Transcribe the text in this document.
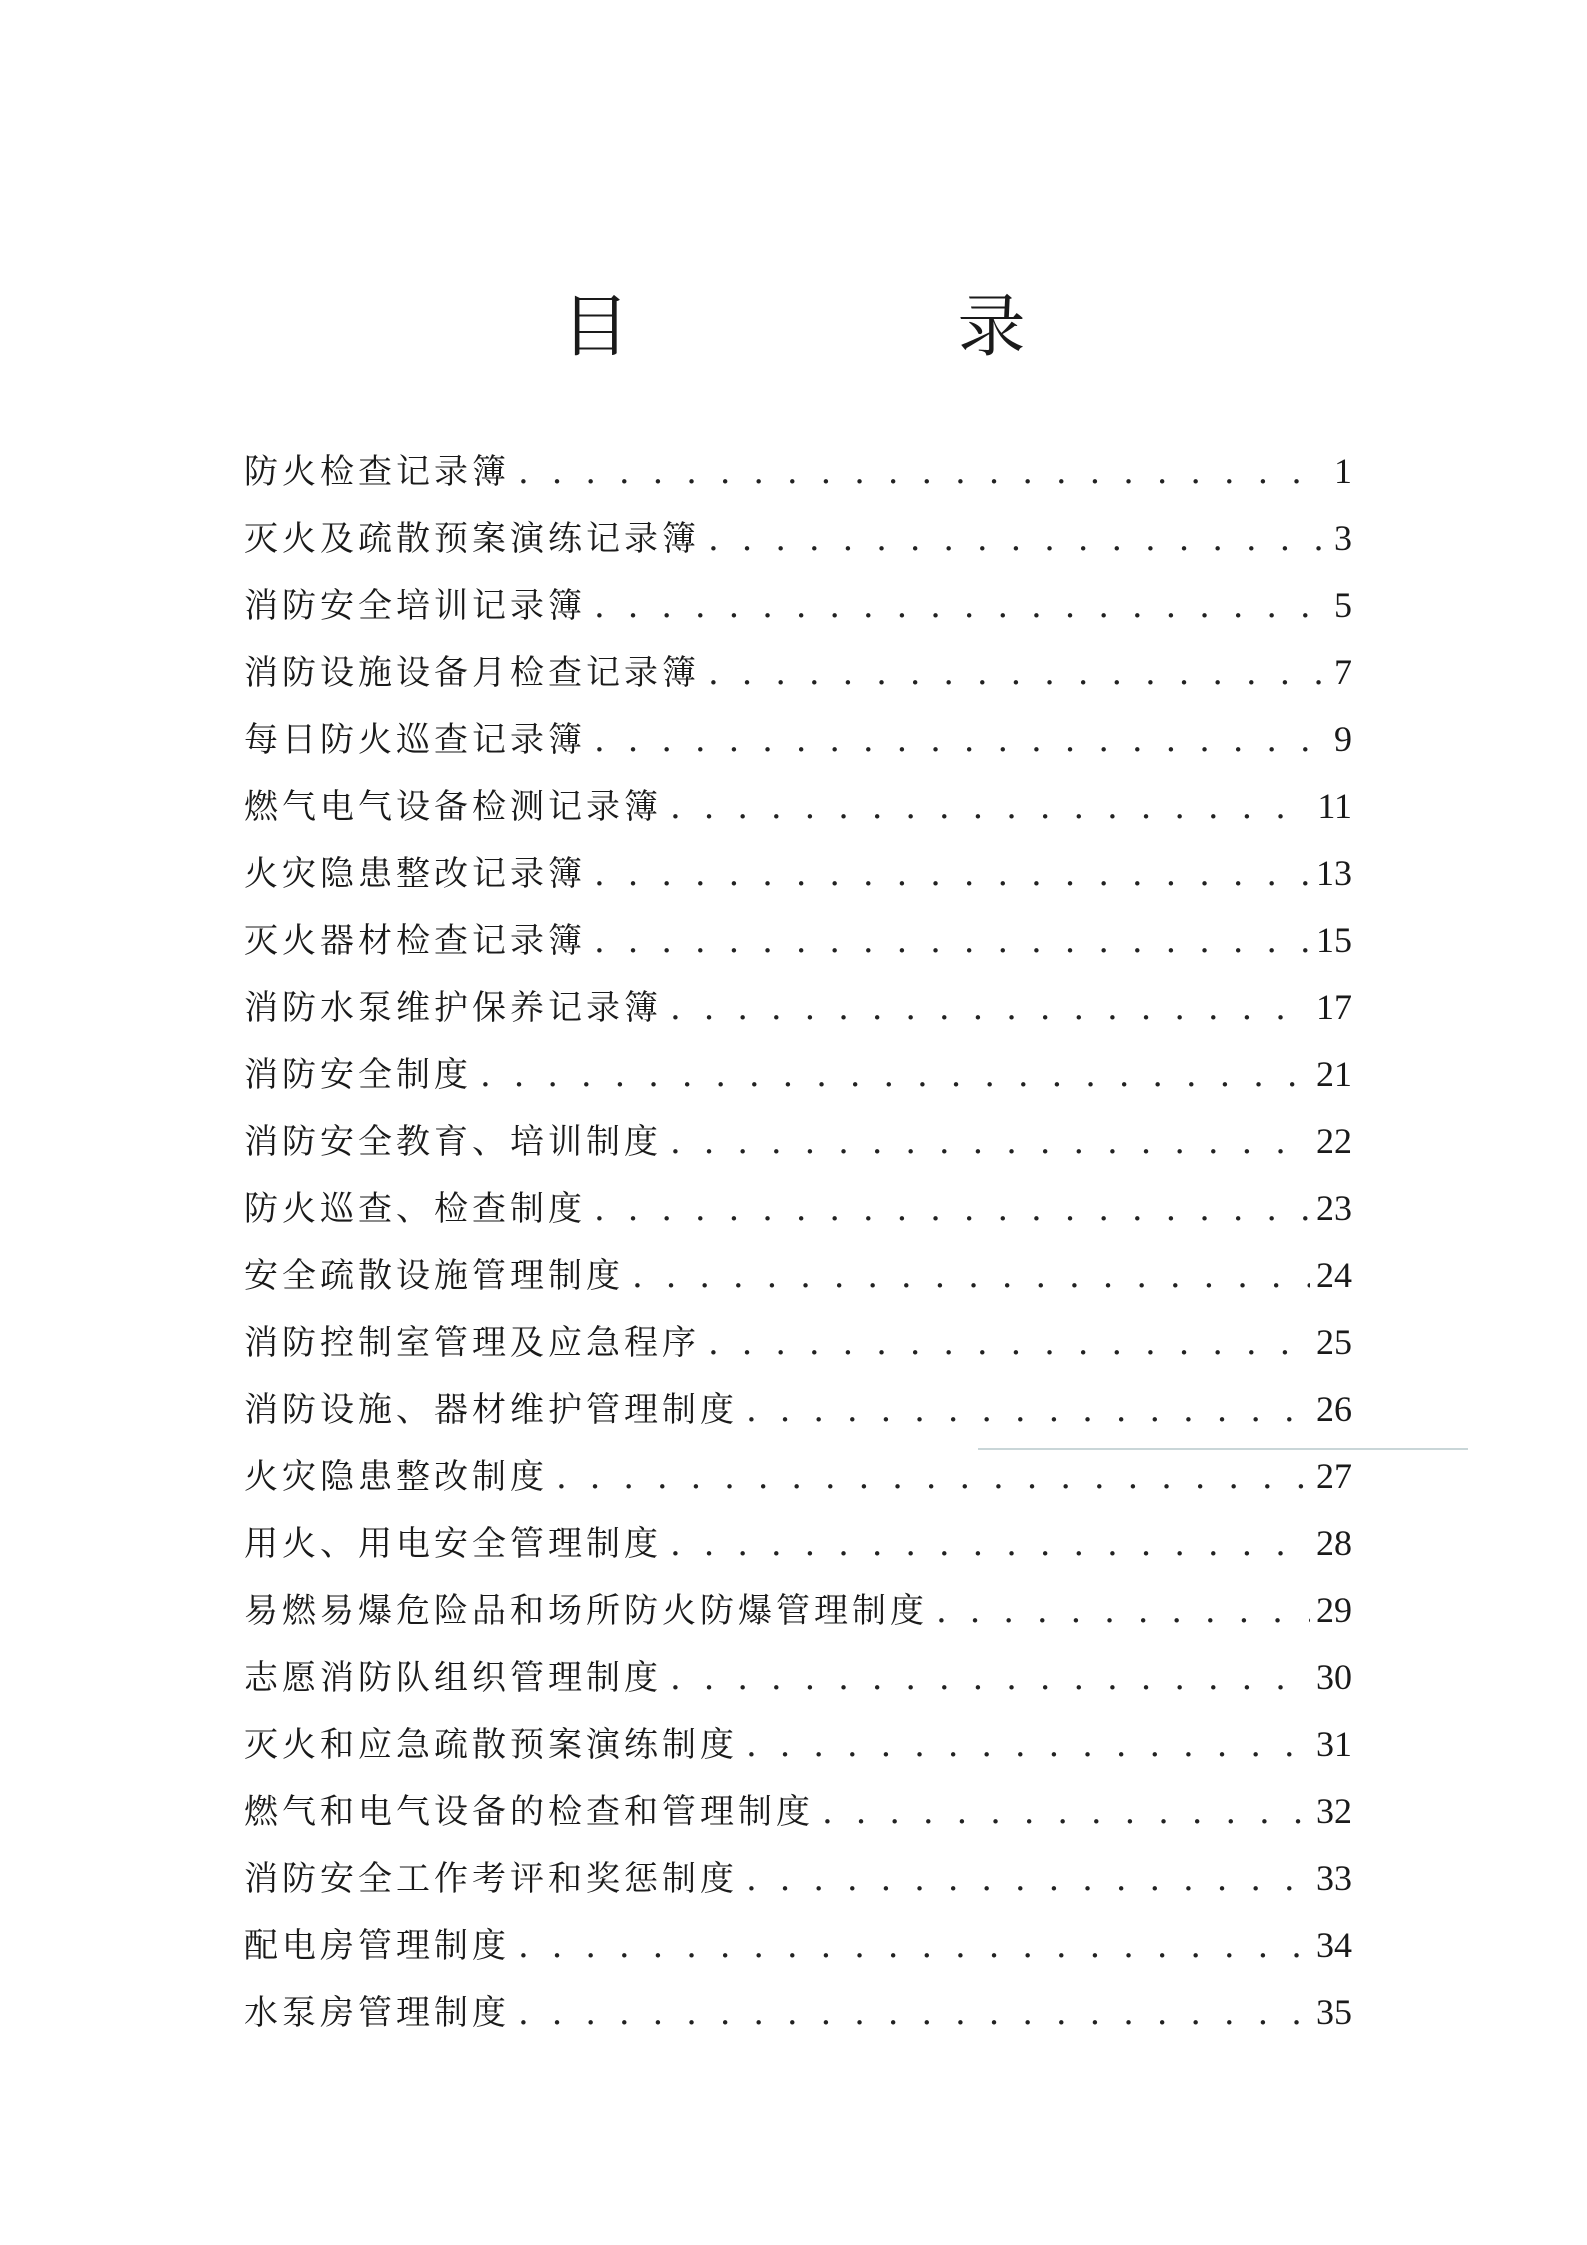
目　录
防火检查记录簿 . . .	1
灭火及疏散预案演练记录簿 . . .	3
消防安全培训记录簿 . . .	5
消防设施设备月检查记录簿 . . .	7
每日防火巡查记录簿 . . .	9
燃气电气设备检测记录簿 . . .	11
火灾隐患整改记录簿 . . .	13
灭火器材检查记录簿 . . .	15
消防水泵维护保养记录簿 . . .	17
消防安全制度 . . .	21
消防安全教育、培训制度 . . .	22
防火巡查、检查制度 . . .	23
安全疏散设施管理制度 . . .	24
消防控制室管理及应急程序 . . .	25
消防设施、器材维护管理制度 . . .	26
火灾隐患整改制度 . . .	27
用火、用电安全管理制度 . . .	28
易燃易爆危险品和场所防火防爆管理制度 . . .	29
志愿消防队组织管理制度 . . .	30
灭火和应急疏散预案演练制度 . . .	31
燃气和电气设备的检查和管理制度 . . .	32
消防安全工作考评和奖惩制度 . . .	33
配电房管理制度 . . .	34
水泵房管理制度 . . .	35
